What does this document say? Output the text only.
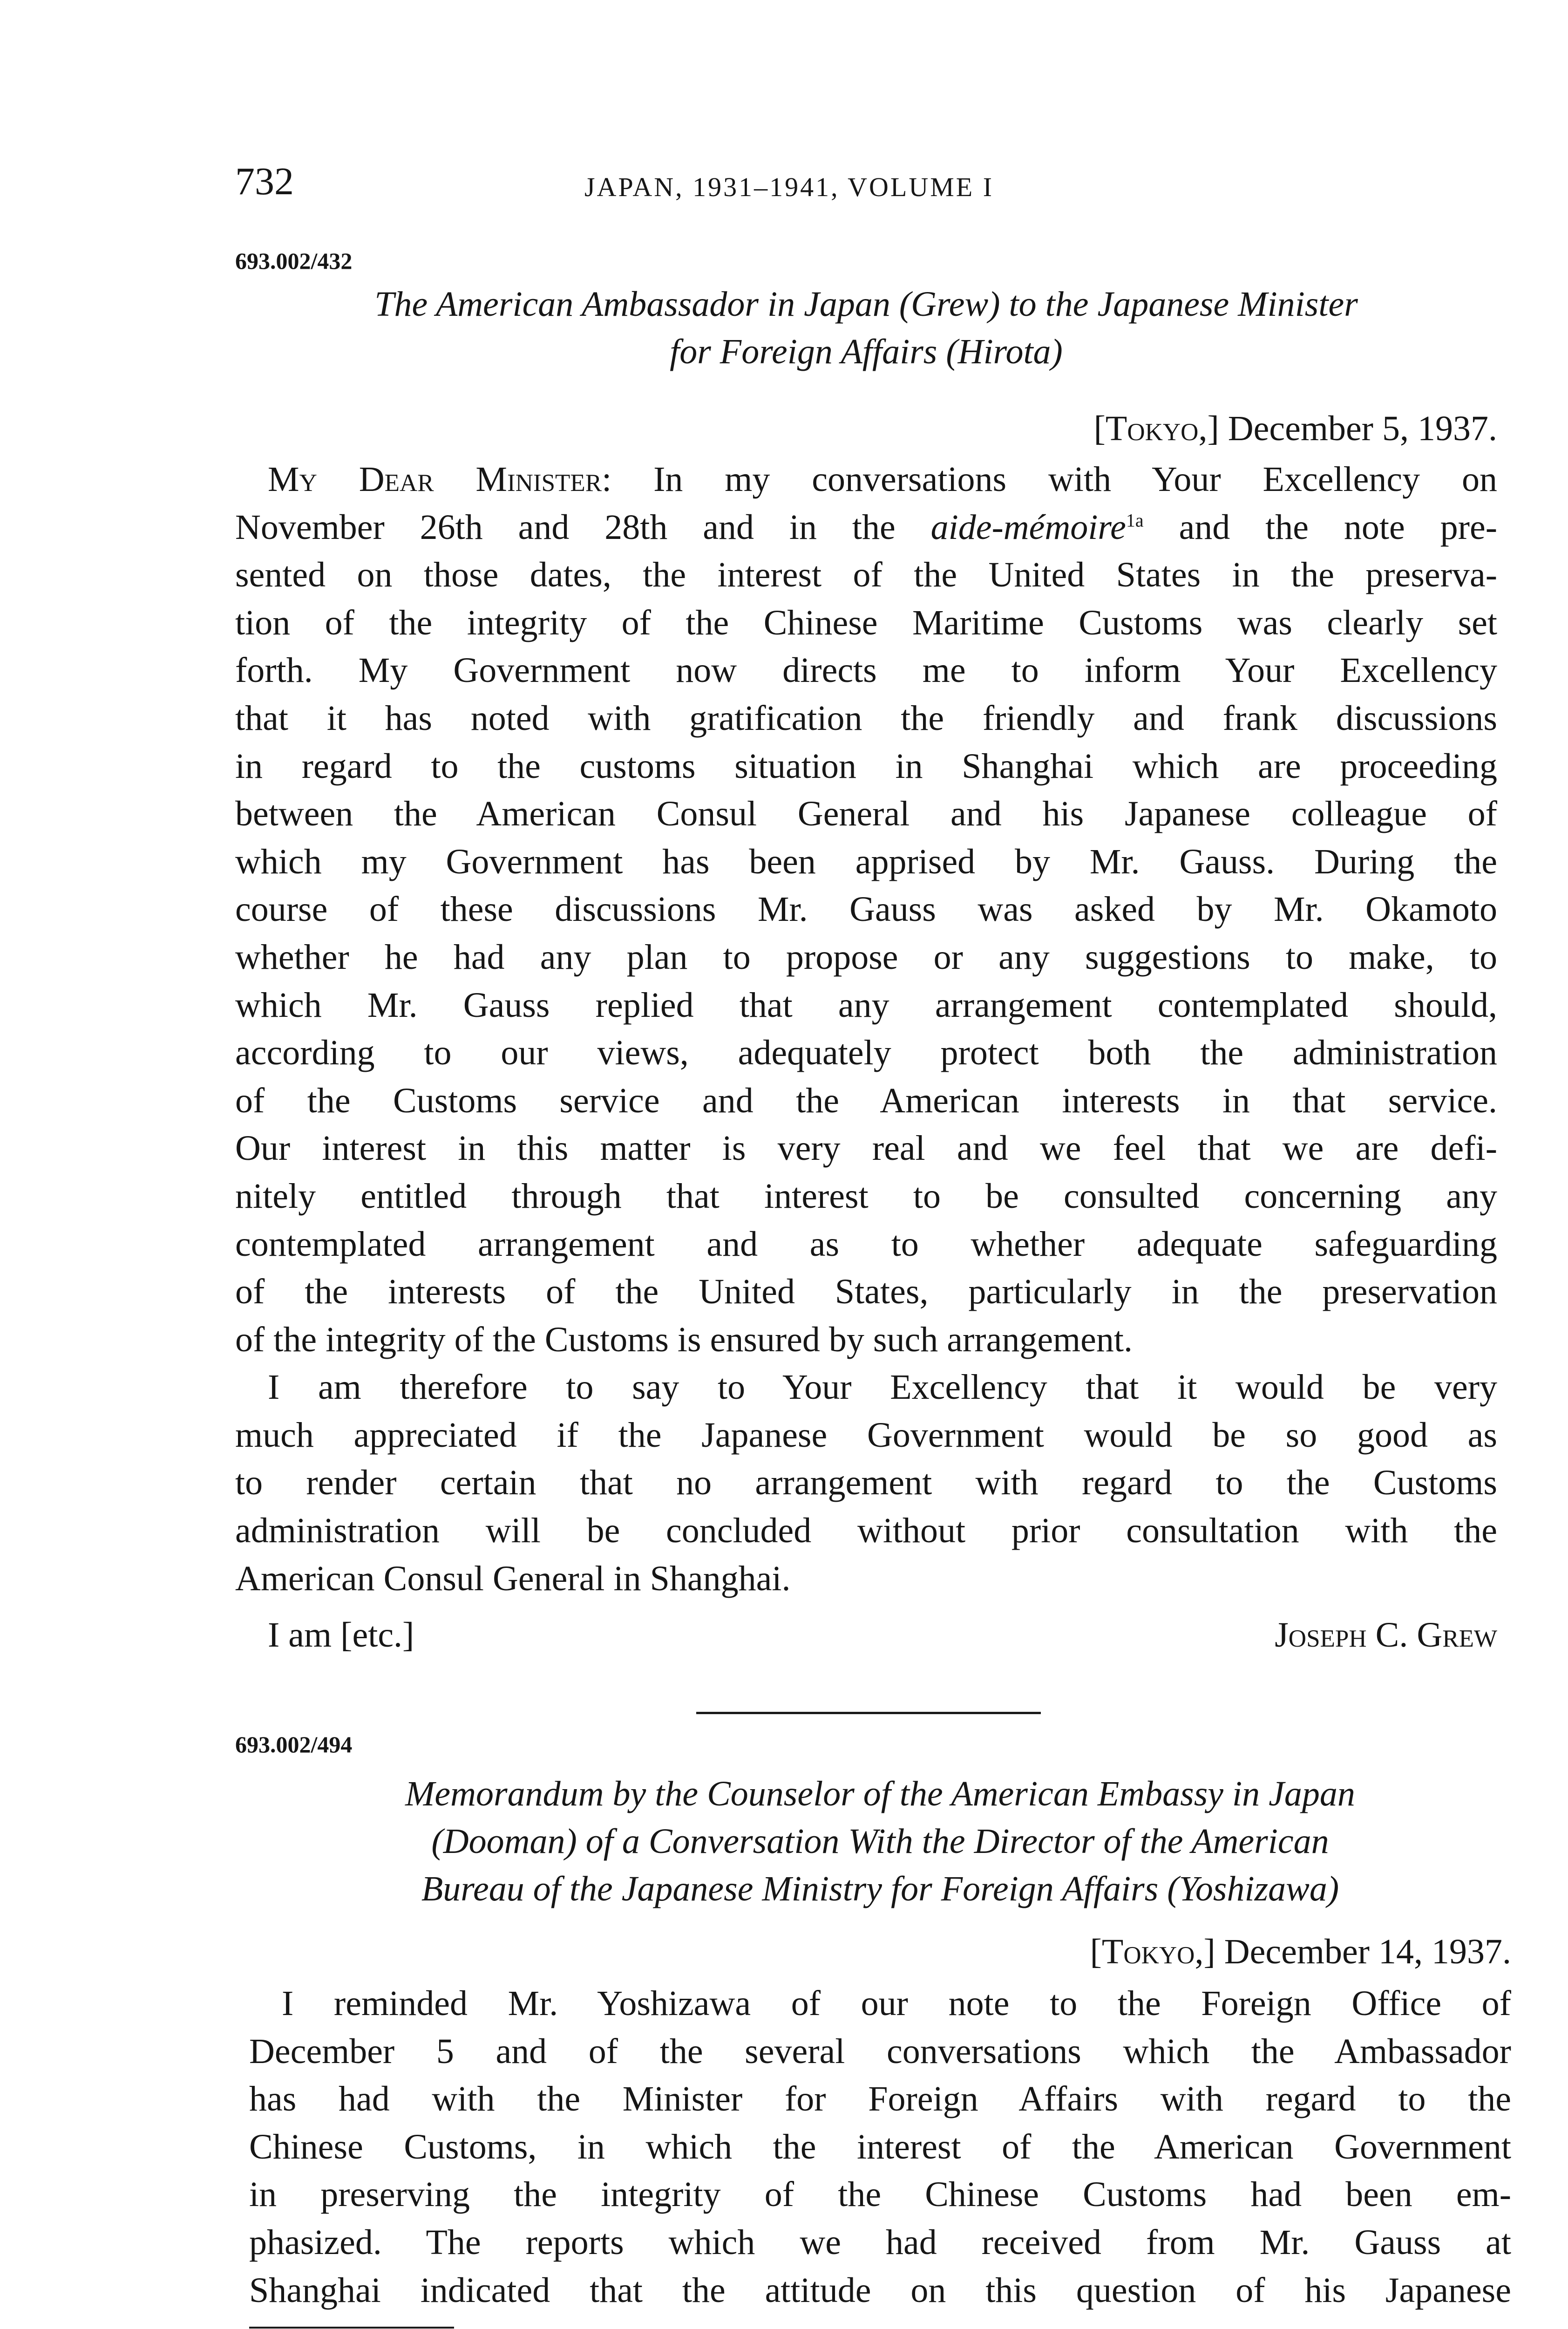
732	JAPAN, 1931–1941, VOLUME I
693.002/432
The American Ambassador in Japan (Grew) to the Japanese Minister
for Foreign Affairs (Hirota)
[Tokyo,] December 5, 1937.
My Dear Minister: In my conversations with Your Excellency on
November 26th and 28th and in the aide-mémoire$^{1a}$ and the note pre-
sented on those dates, the interest of the United States in the preserva-
tion of the integrity of the Chinese Maritime Customs was clearly set
forth. My Government now directs me to inform Your Excellency
that it has noted with gratification the friendly and frank discussions
in regard to the customs situation in Shanghai which are proceeding
between the American Consul General and his Japanese colleague of
which my Government has been apprised by Mr. Gauss. During the
course of these discussions Mr. Gauss was asked by Mr. Okamoto
whether he had any plan to propose or any suggestions to make, to
which Mr. Gauss replied that any arrangement contemplated should,
according to our views, adequately protect both the administration
of the Customs service and the American interests in that service.
Our interest in this matter is very real and we feel that we are defi-
nitely entitled through that interest to be consulted concerning any
contemplated arrangement and as to whether adequate safeguarding
of the interests of the United States, particularly in the preservation
of the integrity of the Customs is ensured by such arrangement.
I am therefore to say to Your Excellency that it would be very
much appreciated if the Japanese Government would be so good as
to render certain that no arrangement with regard to the Customs
administration will be concluded without prior consultation with the
American Consul General in Shanghai.
I am [etc.]	Joseph C. Grew
693.002/494
Memorandum by the Counselor of the American Embassy in Japan
(Dooman) of a Conversation With the Director of the American
Bureau of the Japanese Ministry for Foreign Affairs (Yoshizawa)
[Tokyo,] December 14, 1937.
I reminded Mr. Yoshizawa of our note to the Foreign Office of
December 5 and of the several conversations which the Ambassador
has had with the Minister for Foreign Affairs with regard to the
Chinese Customs, in which the interest of the American Government
in preserving the integrity of the Chinese Customs had been em-
phasized. The reports which we had received from Mr. Gauss at
Shanghai indicated that the attitude on this question of his Japanese
